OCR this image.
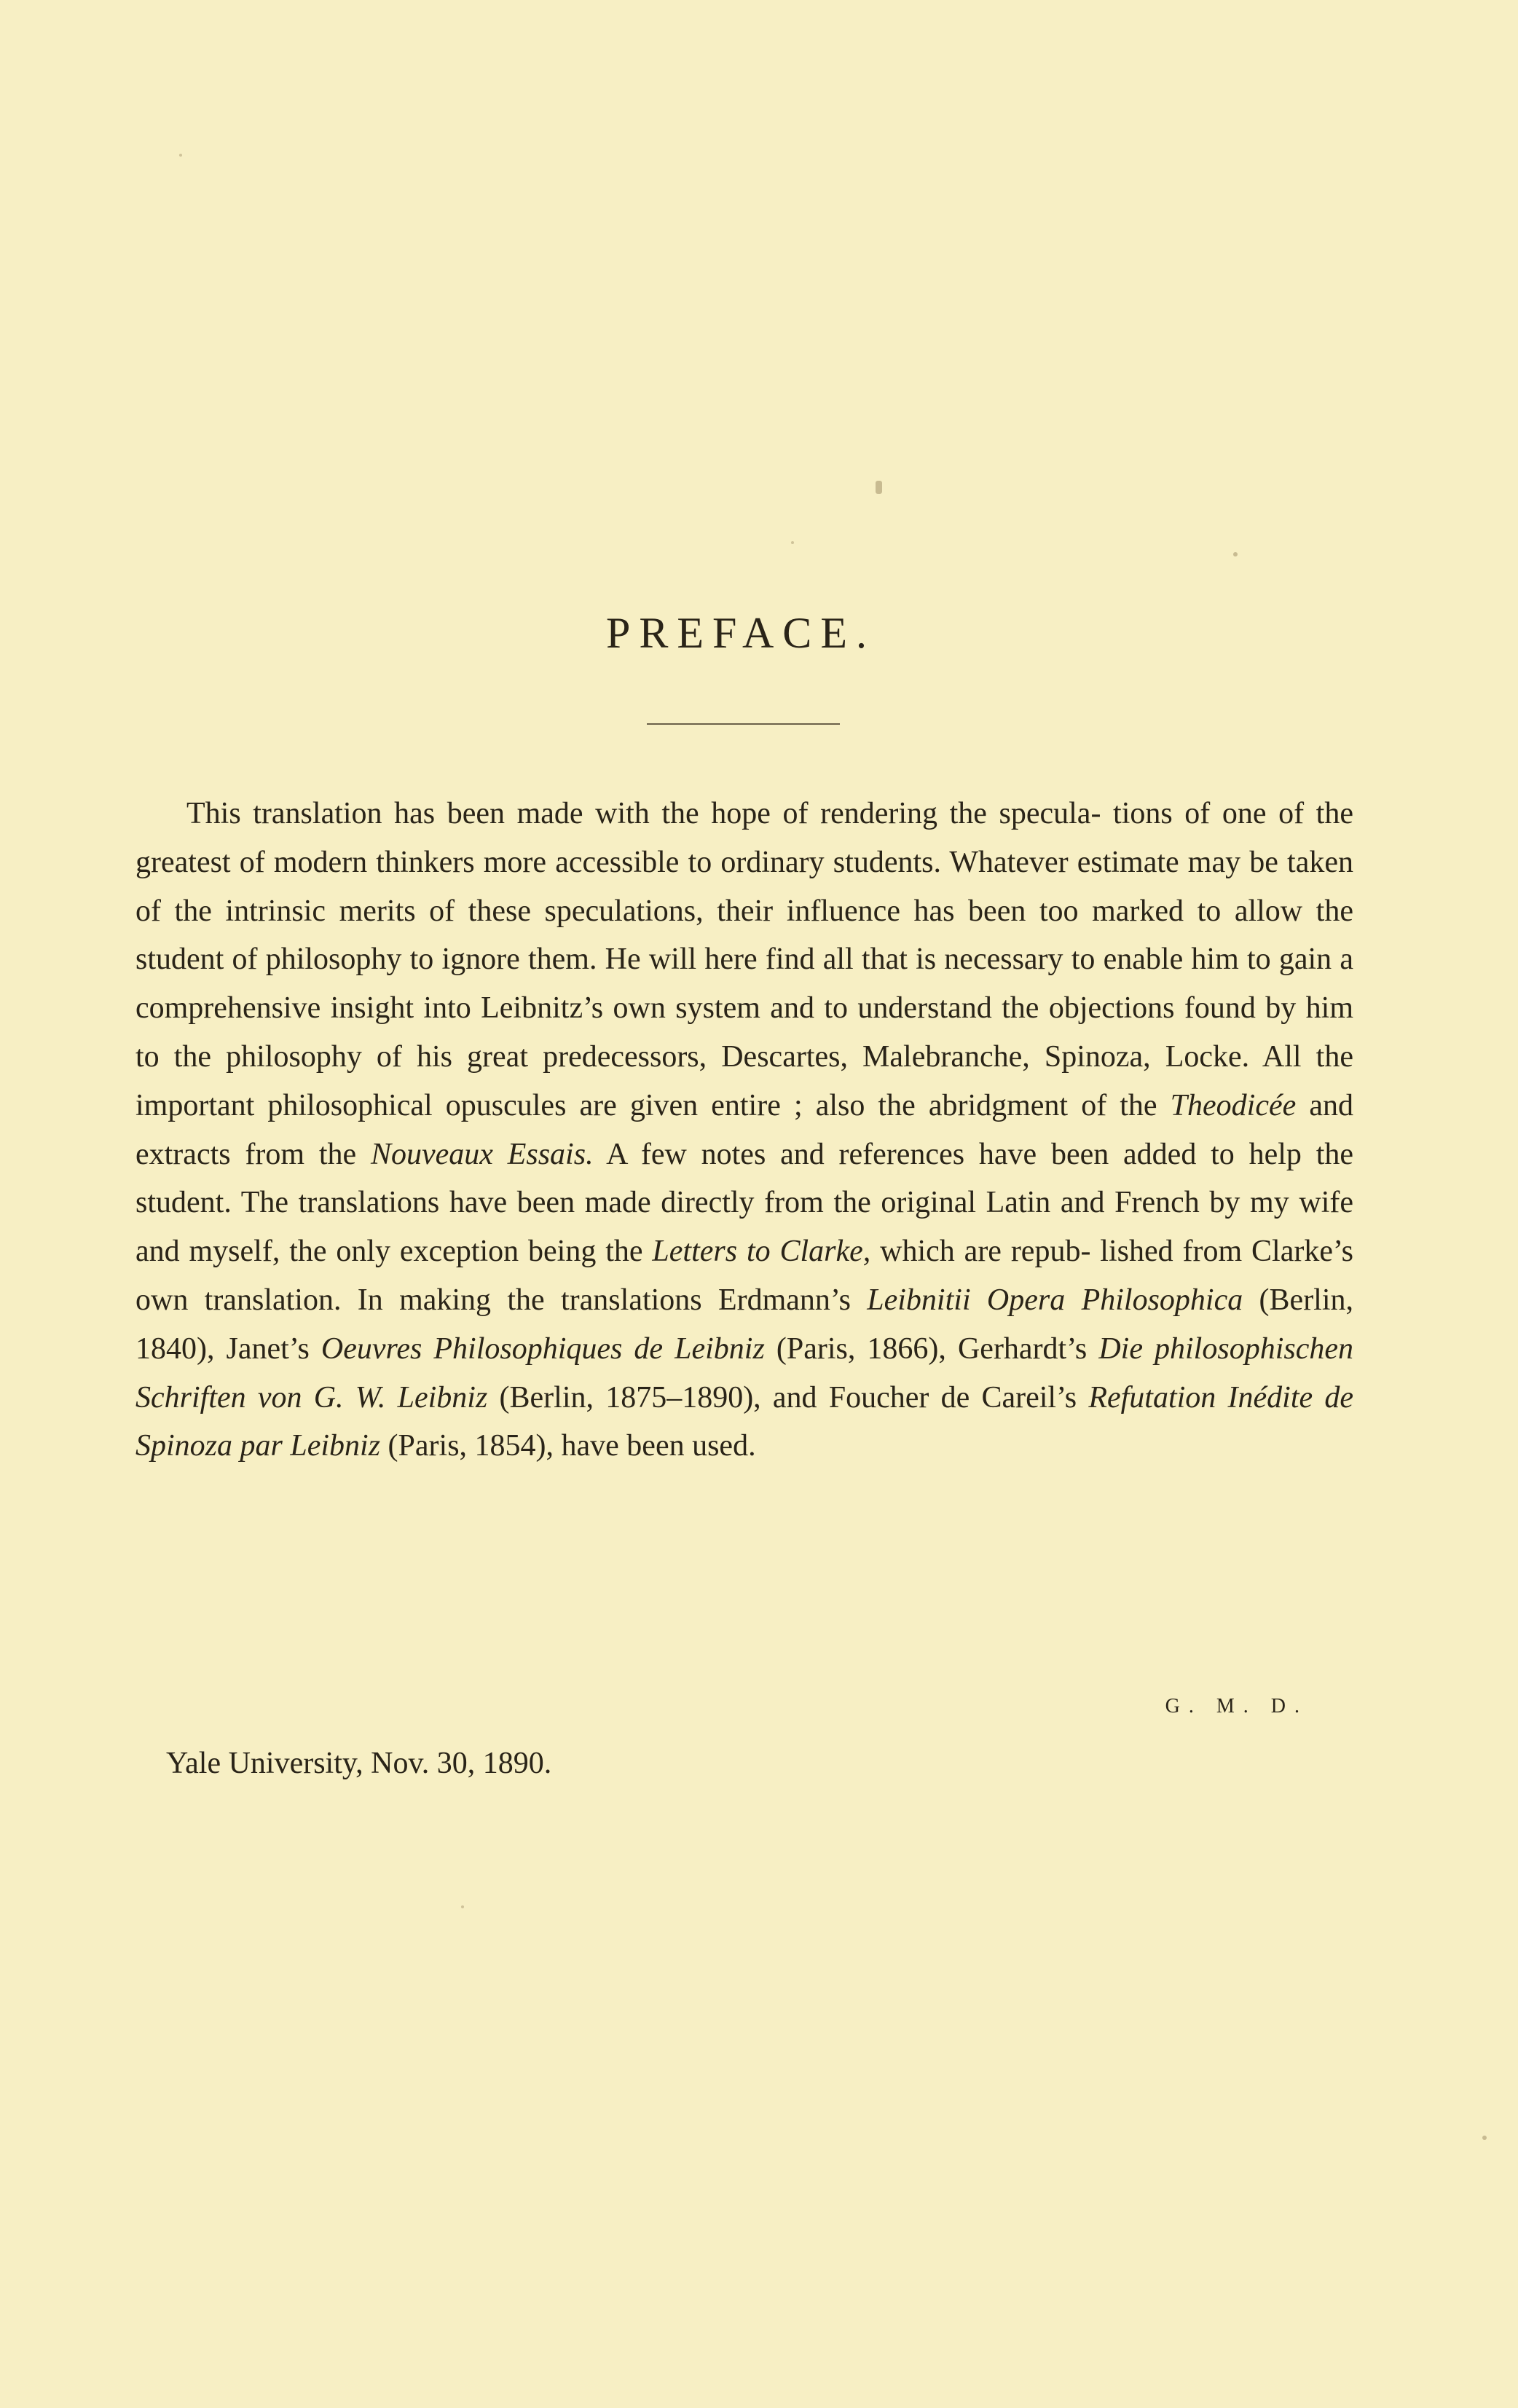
PREFACE.

This translation has been made with the hope of rendering the specula- tions of one of the greatest of modern thinkers more accessible to ordinary students. Whatever estimate may be taken of the intrinsic merits of these speculations, their influence has been too marked to allow the student of philosophy to ignore them. He will here find all that is necessary to enable him to gain a comprehensive insight into Leibnitz’s own system and to understand the objections found by him to the philosophy of his great predecessors, Descartes, Malebranche, Spinoza, Locke. All the important philosophical opuscules are given entire ; also the abridgment of the Theodicée and extracts from the Nouveaux Essais. A few notes and references have been added to help the student. The translations have been made directly from the original Latin and French by my wife and myself, the only exception being the Letters to Clarke, which are repub- lished from Clarke’s own translation. In making the translations Erdmann’s Leibnitii Opera Philosophica (Berlin, 1840), Janet’s Oeuvres Philosophiques de Leibniz (Paris, 1866), Gerhardt’s Die philosophischen Schriften von G. W. Leibniz (Berlin, 1875–1890), and Foucher de Careil’s Refutation Inédite de Spinoza par Leibniz (Paris, 1854), have been used.

G. M. D.
Yale University, Nov. 30, 1890.
